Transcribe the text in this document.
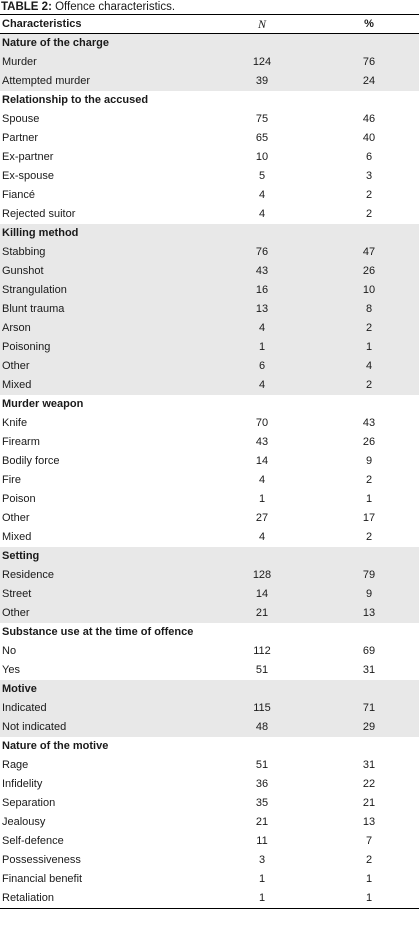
TABLE 2: Offence characteristics.
Characteristics	N	%
Nature of the charge		
Murder	124	76
Attempted murder	39	24
Relationship to the accused		
Spouse	75	46
Partner	65	40
Ex-partner	10	6
Ex-spouse	5	3
Fiancé	4	2
Rejected suitor	4	2
Killing method		
Stabbing	76	47
Gunshot	43	26
Strangulation	16	10
Blunt trauma	13	8
Arson	4	2
Poisoning	1	1
Other	6	4
Mixed	4	2
Murder weapon		
Knife	70	43
Firearm	43	26
Bodily force	14	9
Fire	4	2
Poison	1	1
Other	27	17
Mixed	4	2
Setting		
Residence	128	79
Street	14	9
Other	21	13
Substance use at the time of offence		
No	112	69
Yes	51	31
Motive		
Indicated	115	71
Not indicated	48	29
Nature of the motive		
Rage	51	31
Infidelity	36	22
Separation	35	21
Jealousy	21	13
Self-defence	11	7
Possessiveness	3	2
Financial benefit	1	1
Retaliation	1	1
